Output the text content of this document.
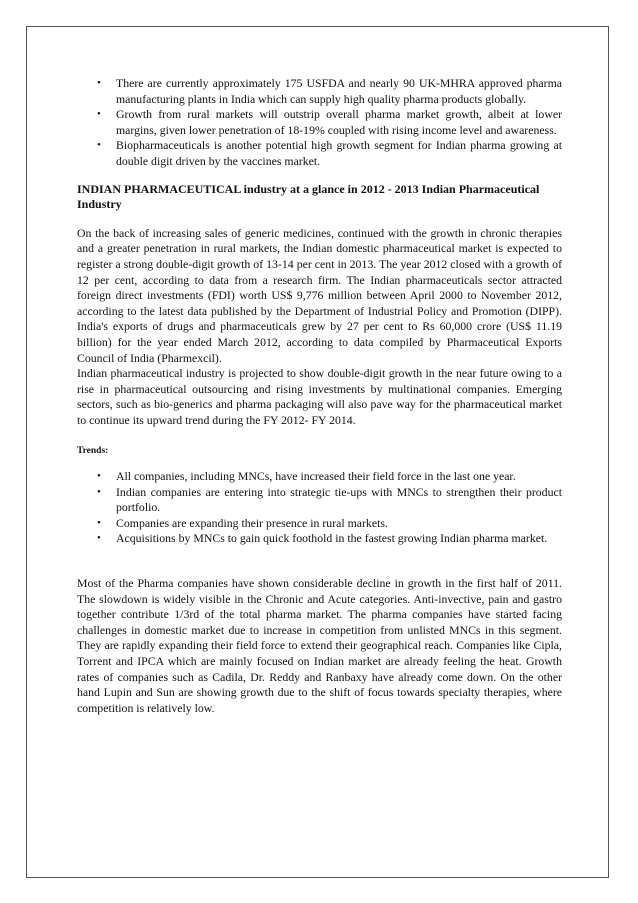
• There are currently approximately 175 USFDA and nearly 90 UK-MHRA approved pharma manufacturing plants in India which can supply high quality pharma products globally.
• Growth from rural markets will outstrip overall pharma market growth, albeit at lower margins, given lower penetration of 18-19% coupled with rising income level and awareness.
• Biopharmaceuticals is another potential high growth segment for Indian pharma growing at double digit driven by the vaccines market.

INDIAN PHARMACEUTICAL industry at a glance in 2012 - 2013 Indian Pharmaceutical Industry

On the back of increasing sales of generic medicines, continued with the growth in chronic therapies and a greater penetration in rural markets, the Indian domestic pharmaceutical market is expected to register a strong double-digit growth of 13-14 per cent in 2013. The year 2012 closed with a growth of 12 per cent, according to data from a research firm. The Indian pharmaceuticals sector attracted foreign direct investments (FDI) worth US$ 9,776 million between April 2000 to November 2012, according to the latest data published by the Department of Industrial Policy and Promotion (DIPP). India's exports of drugs and pharmaceuticals grew by 27 per cent to Rs 60,000 crore (US$ 11.19 billion) for the year ended March 2012, according to data compiled by Pharmaceutical Exports Council of India (Pharmexcil).

Indian pharmaceutical industry is projected to show double-digit growth in the near future owing to a rise in pharmaceutical outsourcing and rising investments by multinational companies. Emerging sectors, such as bio-generics and pharma packaging will also pave way for the pharmaceutical market to continue its upward trend during the FY 2012- FY 2014.

Trends:

• All companies, including MNCs, have increased their field force in the last one year.
• Indian companies are entering into strategic tie-ups with MNCs to strengthen their product portfolio.
• Companies are expanding their presence in rural markets.
• Acquisitions by MNCs to gain quick foothold in the fastest growing Indian pharma market.

Most of the Pharma companies have shown considerable decline in growth in the first half of 2011. The slowdown is widely visible in the Chronic and Acute categories. Anti-invective, pain and gastro together contribute 1/3rd of the total pharma market. The pharma companies have started facing challenges in domestic market due to increase in competition from unlisted MNCs in this segment. They are rapidly expanding their field force to extend their geographical reach. Companies like Cipla, Torrent and IPCA which are mainly focused on Indian market are already feeling the heat. Growth rates of companies such as Cadila, Dr. Reddy and Ranbaxy have already come down. On the other hand Lupin and Sun are showing growth due to the shift of focus towards specialty therapies, where competition is relatively low.
